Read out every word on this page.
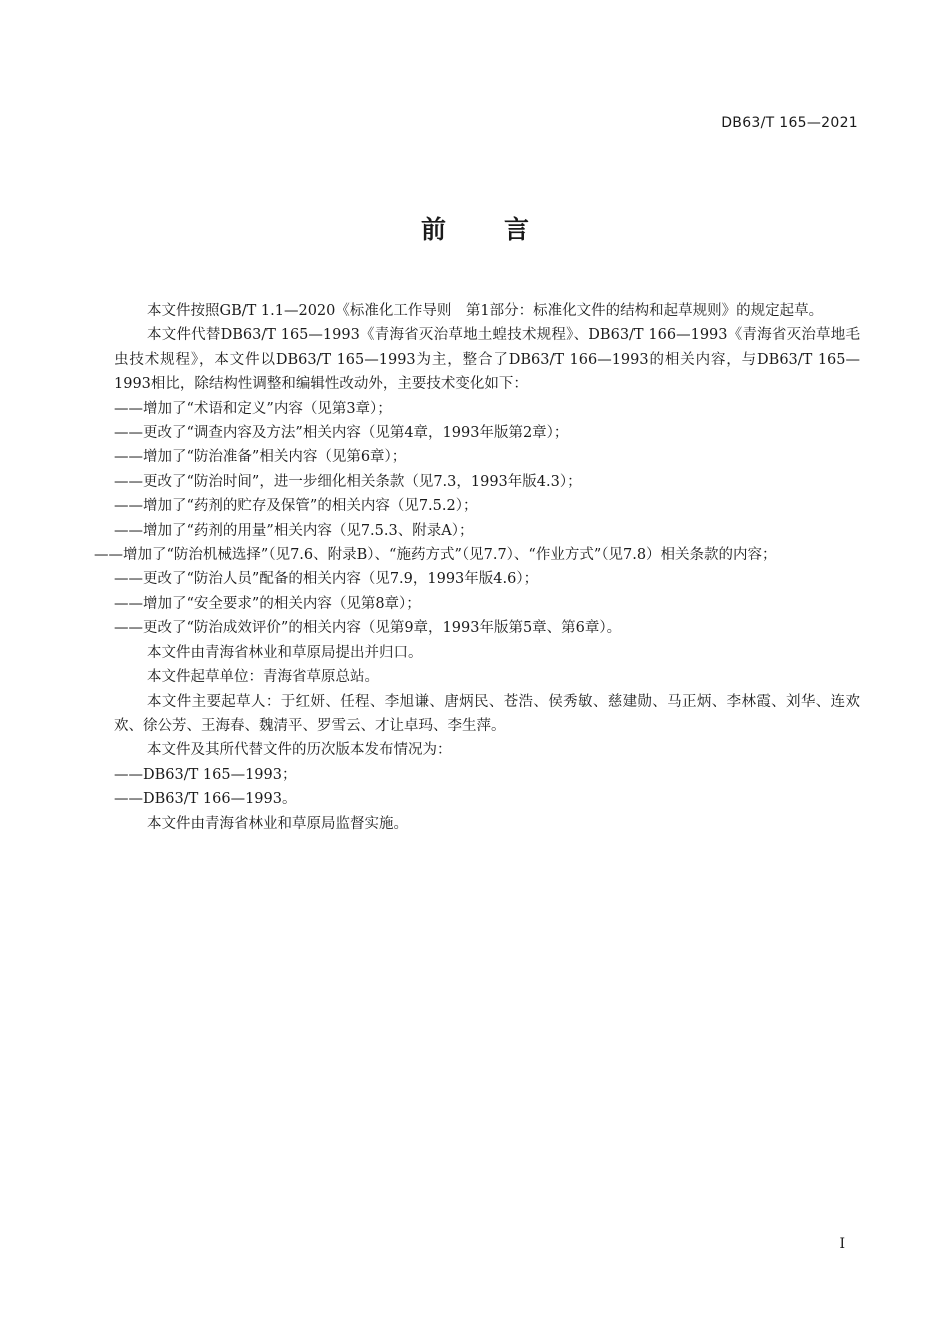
DB63/T 165—2021
前言

本文件按照GB/T 1.1—2020《标准化工作导则　第1部分：标准化文件的结构和起草规则》的规定起草。

本文件代替DB63/T 165—1993《青海省灭治草地土蝗技术规程》、DB63/T 166—1993《青海省灭治草地毛虫技术规程》，本文件以DB63/T 165—1993为主，整合了DB63/T 166—1993的相关内容，与DB63/T 165—1993相比，除结构性调整和编辑性改动外，主要技术变化如下：

——增加了“术语和定义”内容（见第3章）；

——更改了“调查内容及方法”相关内容（见第4章，1993年版第2章）；

——增加了“防治准备”相关内容（见第6章）；

——更改了“防治时间”，进一步细化相关条款（见7.3，1993年版4.3）；

——增加了“药剂的贮存及保管”的相关内容（见7.5.2）；

——增加了“药剂的用量”相关内容（见7.5.3、附录A）；

——增加了“防治机械选择”（见7.6、附录B）、“施药方式”（见7.7）、“作业方式”（见7.8）相关条款的内容；

——更改了“防治人员”配备的相关内容（见7.9，1993年版4.6）；

——增加了“安全要求”的相关内容（见第8章）；

——更改了“防治成效评价”的相关内容（见第9章，1993年版第5章、第6章）。

本文件由青海省林业和草原局提出并归口。

本文件起草单位：青海省草原总站。

本文件主要起草人：于红妍、任程、李旭谦、唐炳民、苍浩、侯秀敏、慈建勋、马正炳、李林霞、刘华、连欢欢、徐公芳、王海春、魏清平、罗雪云、才让卓玛、李生萍。

本文件及其所代替文件的历次版本发布情况为：

——DB63/T 165—1993；

——DB63/T 166—1993。

本文件由青海省林业和草原局监督实施。

I
